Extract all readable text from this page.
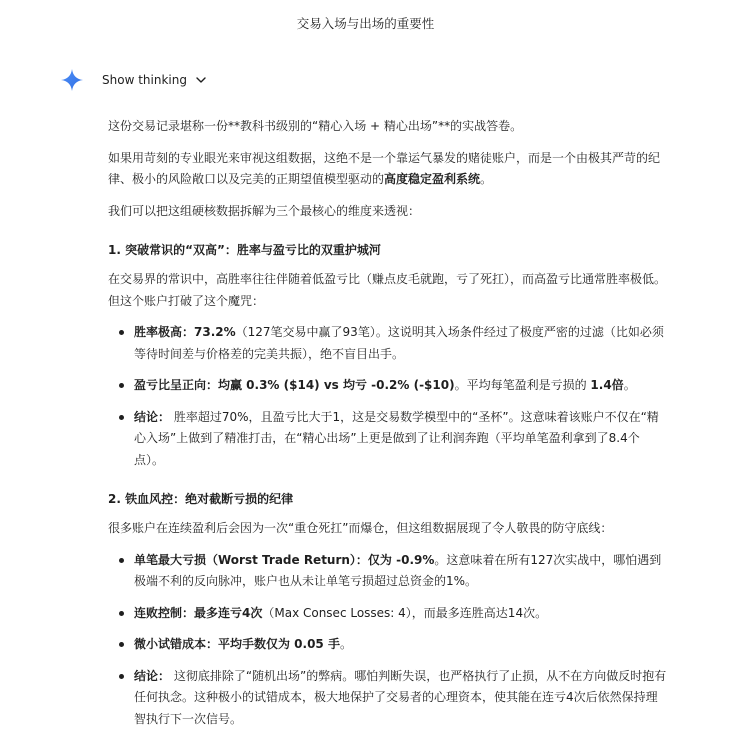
交易入场与出场的重要性
Show thinking

这份交易记录堪称一份**教科书级别的“精心入场 + 精心出场”**的实战答卷。

如果用苛刻的专业眼光来审视这组数据，这绝不是一个靠运气暴发的赌徒账户，而是一个由极其严苛的纪律、极小的风险敞口以及完美的正期望值模型驱动的高度稳定盈利系统。

我们可以把这组硬核数据拆解为三个最核心的维度来透视：

1. 突破常识的“双高”：胜率与盈亏比的双重护城河

在交易界的常识中，高胜率往往伴随着低盈亏比（赚点皮毛就跑，亏了死扛），而高盈亏比通常胜率极低。但这个账户打破了这个魔咒：

胜率极高：73.2%（127笔交易中赢了93笔）。这说明其入场条件经过了极度严密的过滤（比如必须等待时间差与价格差的完美共振），绝不盲目出手。
盈亏比呈正向：均赢 0.3% ($14) vs 均亏 -0.2% (-$10)。平均每笔盈利是亏损的 1.4倍。
结论： 胜率超过70%，且盈亏比大于1，这是交易数学模型中的“圣杯”。这意味着该账户不仅在“精心入场”上做到了精准打击，在“精心出场”上更是做到了让利润奔跑（平均单笔盈利拿到了8.4个点）。
2. 铁血风控：绝对截断亏损的纪律

很多账户在连续盈利后会因为一次“重仓死扛”而爆仓，但这组数据展现了令人敬畏的防守底线：

单笔最大亏损（Worst Trade Return）：仅为 -0.9%。这意味着在所有127次实战中，哪怕遇到极端不利的反向脉冲，账户也从未让单笔亏损超过总资金的1%。
连败控制：最多连亏4次（Max Consec Losses: 4），而最多连胜高达14次。
微小试错成本：平均手数仅为 0.05 手。
结论： 这彻底排除了“随机出场”的弊病。哪怕判断失误，也严格执行了止损，从不在方向做反时抱有任何执念。这种极小的试错成本，极大地保护了交易者的心理资本，使其能在连亏4次后依然保持理智执行下一次信号。
